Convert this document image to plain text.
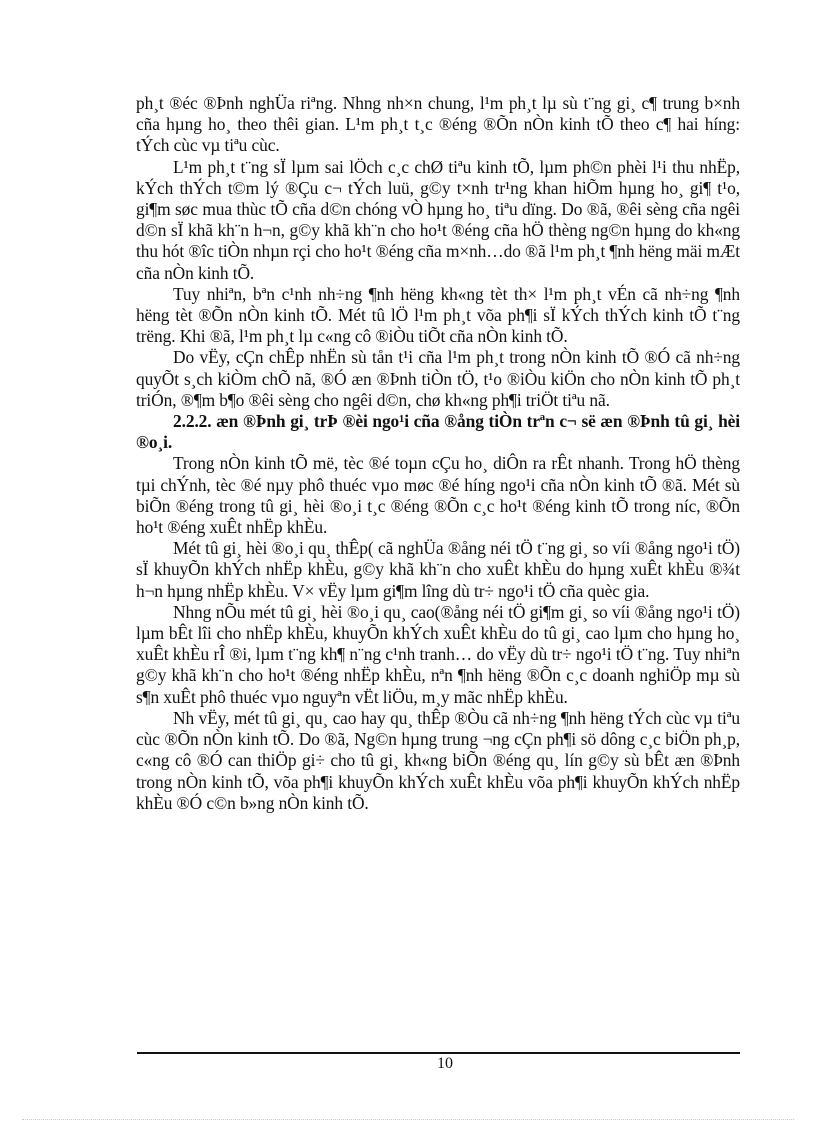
ph¸t ®éc ®Þnh nghÜa riªng. Nhng nh×n chung, l¹m ph¸t lµ sù t¨ng gi¸ c¶ trung b×nh cña hµng ho¸ theo thêi gian. L¹m ph¸t t¸c ®éng ®Õn nÒn kinh tÕ theo c¶ hai híng: tÝch cùc vµ tiªu cùc.

L¹m ph¸t t¨ng sÏ lµm sai lÖch c¸c chØ tiªu kinh tÕ, lµm ph©n phèi l¹i thu nhËp, kÝch thÝch t©m lý ®Çu c¬ tÝch luü, g©y t×nh tr¹ng khan hiÕm hµng ho¸ gi¶ t¹o, gi¶m søc mua thùc tÕ cña d©n chóng vÒ hµng ho¸ tiªu dïng. Do ®ã, ®êi sèng cña ngêi d©n sÏ khã kh¨n h¬n, g©y khã kh¨n cho ho¹t ®éng cña hÖ thèng ng©n hµng do kh«ng thu hót ®îc tiÒn nhµn rçi cho ho¹t ®éng cña m×nh…do ®ã l¹m ph¸t ¶nh hëng mäi mÆt cña nÒn kinh tÕ.

Tuy nhiªn, bªn c¹nh nh÷ng ¶nh hëng kh«ng tèt th× l¹m ph¸t vÉn cã nh÷ng ¶nh hëng tèt ®Õn nÒn kinh tÕ. Mét tû lÖ l¹m ph¸t võa ph¶i sÏ kÝch thÝch kinh tÕ t¨ng trëng. Khi ®ã, l¹m ph¸t lµ c«ng cô ®iÒu tiÕt cña nÒn kinh tÕ.

Do vËy, cÇn chÊp nhËn sù tån t¹i cña l¹m ph¸t trong nÒn kinh tÕ ®Ó cã nh÷ng quyÕt s¸ch kiÒm chÕ nã, ®Ó æn ®Þnh tiÒn tÖ, t¹o ®iÒu kiÖn cho nÒn kinh tÕ ph¸t triÓn, ®¶m b¶o ®êi sèng cho ngêi d©n, chø kh«ng ph¶i triÖt tiªu nã.

2.2.2. æn ®Þnh gi¸ trÞ ®èi ngo¹i cña ®ång tiÒn trªn c¬ së æn ®Þnh tû gi¸ hèi ®o¸i.

Trong nÒn kinh tÕ më, tèc ®é toµn cÇu ho¸ diÔn ra rÊt nhanh. Trong hÖ thèng tµi chÝnh, tèc ®é nµy phô thuéc vµo møc ®é híng ngo¹i cña nÒn kinh tÕ ®ã. Mét sù biÕn ®éng trong tû gi¸ hèi ®o¸i t¸c ®éng ®Õn c¸c ho¹t ®éng kinh tÕ trong níc, ®Õn ho¹t ®éng xuÊt nhËp khÈu.

Mét tû gi¸ hèi ®o¸i qu¸ thÊp( cã nghÜa ®ång néi tÖ t¨ng gi¸ so víi ®ång ngo¹i tÖ) sÏ khuyÕn khÝch nhËp khÈu, g©y khã kh¨n cho xuÊt khÈu do hµng xuÊt khÈu ®¾t h¬n hµng nhËp khÈu. V× vËy lµm gi¶m lîng dù tr÷ ngo¹i tÖ cña quèc gia.

Nhng nÕu mét tû gi¸ hèi ®o¸i qu¸ cao(®ång néi tÖ gi¶m gi¸ so víi ®ång ngo¹i tÖ) lµm bÊt lîi cho nhËp khÈu, khuyÕn khÝch xuÊt khÈu do tû gi¸ cao lµm cho hµng ho¸ xuÊt khÈu rÎ ®i, lµm t¨ng kh¶ n¨ng c¹nh tranh… do vËy dù tr÷ ngo¹i tÖ t¨ng. Tuy nhiªn g©y khã kh¨n cho ho¹t ®éng nhËp khÈu, nªn ¶nh hëng ®Õn c¸c doanh nghiÖp mµ sù s¶n xuÊt phô thuéc vµo nguyªn vËt liÖu, m¸y mãc nhËp khÈu.

Nh vËy, mét tû gi¸ qu¸ cao hay qu¸ thÊp ®Òu cã nh÷ng ¶nh hëng tÝch cùc vµ tiªu cùc ®Õn nÒn kinh tÕ. Do ®ã, Ng©n hµng trung ¬ng cÇn ph¶i sö dông c¸c biÖn ph¸p, c«ng cô ®Ó can thiÖp gi÷ cho tû gi¸ kh«ng biÕn ®éng qu¸ lín g©y sù bÊt æn ®Þnh trong nÒn kinh tÕ, võa ph¶i khuyÕn khÝch xuÊt khÈu võa ph¶i khuyÕn khÝch nhËp khÈu ®Ó c©n b»ng nÒn kinh tÕ.

10
